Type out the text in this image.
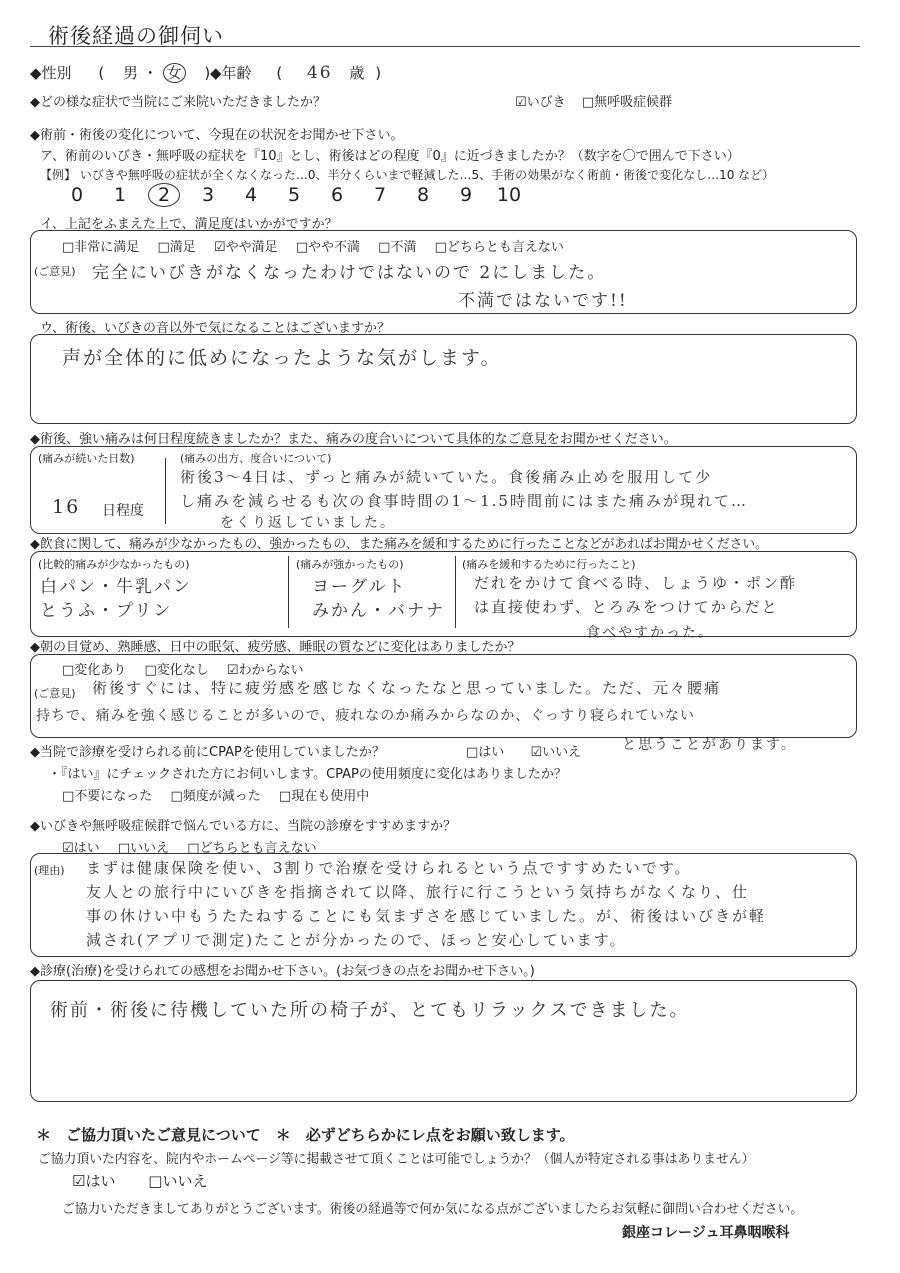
術後経過の御伺い
◆性別 ( 男 ・ 女 ) ◆年齢 ( 46 歳 )
◆どの様な症状で当院にご来院いただきましたか？	☑いびき □無呼吸症候群
◆術前・術後の変化について、今現在の状況をお聞かせ下さい。
ア、術前のいびき・無呼吸の症状を『10』とし、術後はどの程度『0』に近づきましたか？（数字を〇で囲んで下さい）
【例】 いびきや無呼吸の症状が全くなくなった…0、半分くらいまで軽減した…5、手術の効果がなく術前・術後で変化なし…10 など）
0 1 2 3 4 5 6 7 8 9 10
イ、上記をふまえた上で、満足度はいかがですか？
□非常に満足 □満足 ☑やや満足 □やや不満 □不満 □どちらとも言えない
(ご意見) 完全にいびきがなくなったわけではないので 2にしました。
不満ではないです!!
ウ、術後、いびきの音以外で気になることはございますか？
声が全体的に低めになったような気がします。
◆術後、強い痛みは何日程度続きましたか？また、痛みの度合いについて具体的なご意見をお聞かせください。
(痛みが続いた日数)
16 日程度
(痛みの出方、度合いについて)
術後3～4日は、ずっと痛みが続いていた。食後痛み止めを服用して少
し痛みを減らせるも次の食事時間の1～1.5時間前にはまた痛みが現れて…
をくり返していました。
◆飲食に関して、痛みが少なかったもの、強かったもの、また痛みを緩和するために行ったことなどがあればお聞かせください。
(比較的痛みが少なかったもの)
白パン・牛乳パン
とうふ・プリン
(痛みが強かったもの)
ヨーグルト
みかん・バナナ
(痛みを緩和するために行ったこと)
だれをかけて食べる時、しょうゆ・ポン酢
は直接使わず、とろみをつけてからだと
食べやすかった。
◆朝の目覚め、熟睡感、日中の眠気、疲労感、睡眠の質などに変化はありましたか？
□変化あり □変化なし ☑わからない
(ご意見) 術後すぐには、特に疲労感を感じなくなったなと思っていました。ただ、元々腰痛
持ちで、痛みを強く感じることが多いので、疲れなのか痛みからなのか、ぐっすり寝られていない
と思うことがあります。
◆当院で診療を受けられる前にCPAPを使用していましたか？	□はい ☑いいえ
・『はい』にチェックされた方にお伺いします。CPAPの使用頻度に変化はありましたか？
□不要になった □頻度が減った □現在も使用中
◆いびきや無呼吸症候群で悩んでいる方に、当院の診療をすすめますか？
☑はい □いいえ □どちらとも言えない
(理由) まずは健康保険を使い、3割りで治療を受けられるという点ですすめたいです。
友人との旅行中にいびきを指摘されて以降、旅行に行こうという気持ちがなくなり、仕
事の休けい中もうたたねすることにも気まずさを感じていました。が、術後はいびきが軽
減され(アプリで測定)たことが分かったので、ほっと安心しています。
◆診療(治療)を受けられての感想をお聞かせ下さい。(お気づきの点をお聞かせ下さい。)
術前・術後に待機していた所の椅子が、とてもリラックスできました。
＊　ご協力頂いたご意見について　＊　必ずどちらかにレ点をお願い致します。
ご協力頂いた内容を、院内やホームページ等に掲載させて頂くことは可能でしょうか？（個人が特定される事はありません）
☑はい □いいえ
ご協力いただきましてありがとうございます。術後の経過等で何か気になる点がございましたらお気軽に御問い合わせください。
銀座コレージュ耳鼻咽喉科
